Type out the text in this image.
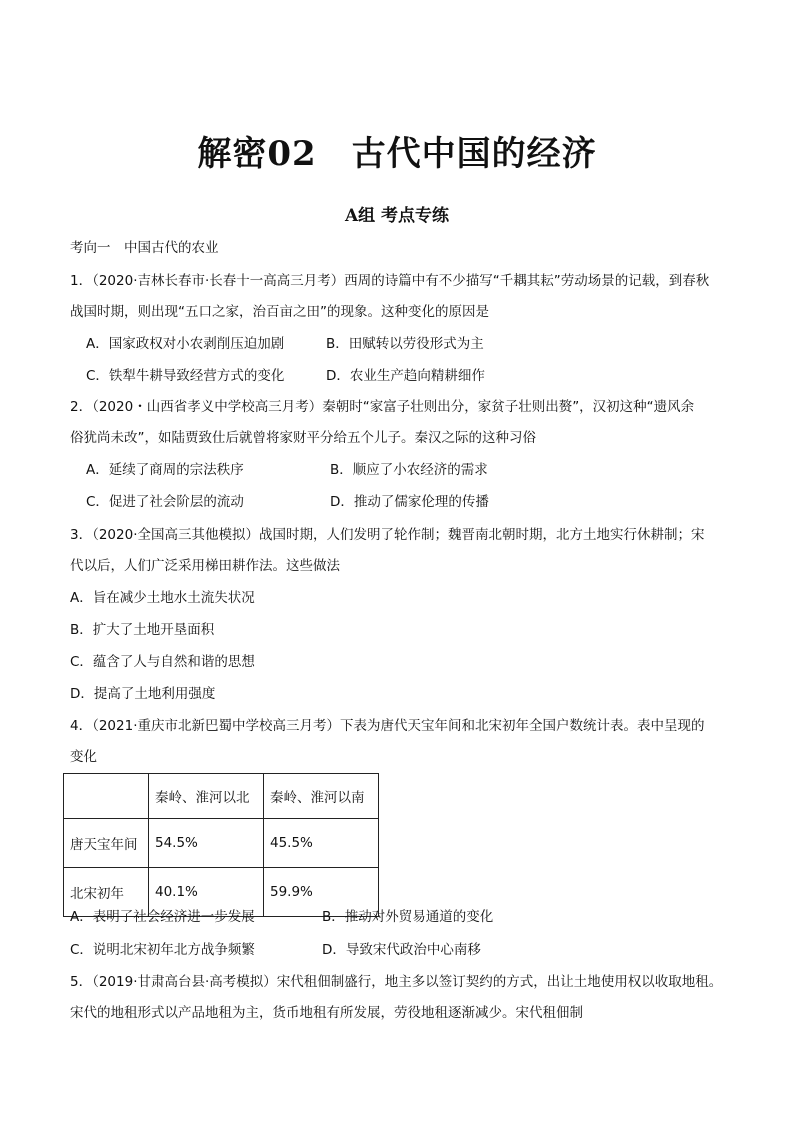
解密02　古代中国的经济
A组 考点专练
考向一　中国古代的农业
1．（2020·吉林长春市·长春十一高高三月考）西周的诗篇中有不少描写“千耦其耘”劳动场景的记载，到春秋
战国时期，则出现“五口之家，治百亩之田”的现象。这种变化的原因是
A．国家政权对小农剥削压迫加剧	B．田赋转以劳役形式为主
C．铁犁牛耕导致经营方式的变化	D．农业生产趋向精耕细作
2．（2020・山西省孝义中学校高三月考）秦朝时“家富子壮则出分，家贫子壮则出赘”，汉初这种“遗风余
俗犹尚未改”，如陆贾致仕后就曾将家财平分给五个儿子。秦汉之际的这种习俗
A．延续了商周的宗法秩序	B．顺应了小农经济的需求
C．促进了社会阶层的流动	D．推动了儒家伦理的传播
3．（2020·全国高三其他模拟）战国时期，人们发明了轮作制；魏晋南北朝时期，北方土地实行休耕制；宋
代以后，人们广泛采用梯田耕作法。这些做法
A．旨在减少土地水土流失状况
B．扩大了土地开垦面积
C．蕴含了人与自然和谐的思想
D．提高了土地利用强度
4．（2021·重庆市北新巴蜀中学校高三月考）下表为唐代天宝年间和北宋初年全国户数统计表。表中呈现的
变化
	秦岭、淮河以北	秦岭、淮河以南
唐天宝年间	54.5%	45.5%
北宋初年	40.1%	59.9%
A．表明了社会经济进一步发展	B．推动对外贸易通道的变化
C．说明北宋初年北方战争频繁	D．导致宋代政治中心南移
5．（2019·甘肃高台县·高考模拟）宋代租佃制盛行，地主多以签订契约的方式，出让土地使用权以收取地租。
宋代的地租形式以产品地租为主，货币地租有所发展，劳役地租逐渐减少。宋代租佃制
